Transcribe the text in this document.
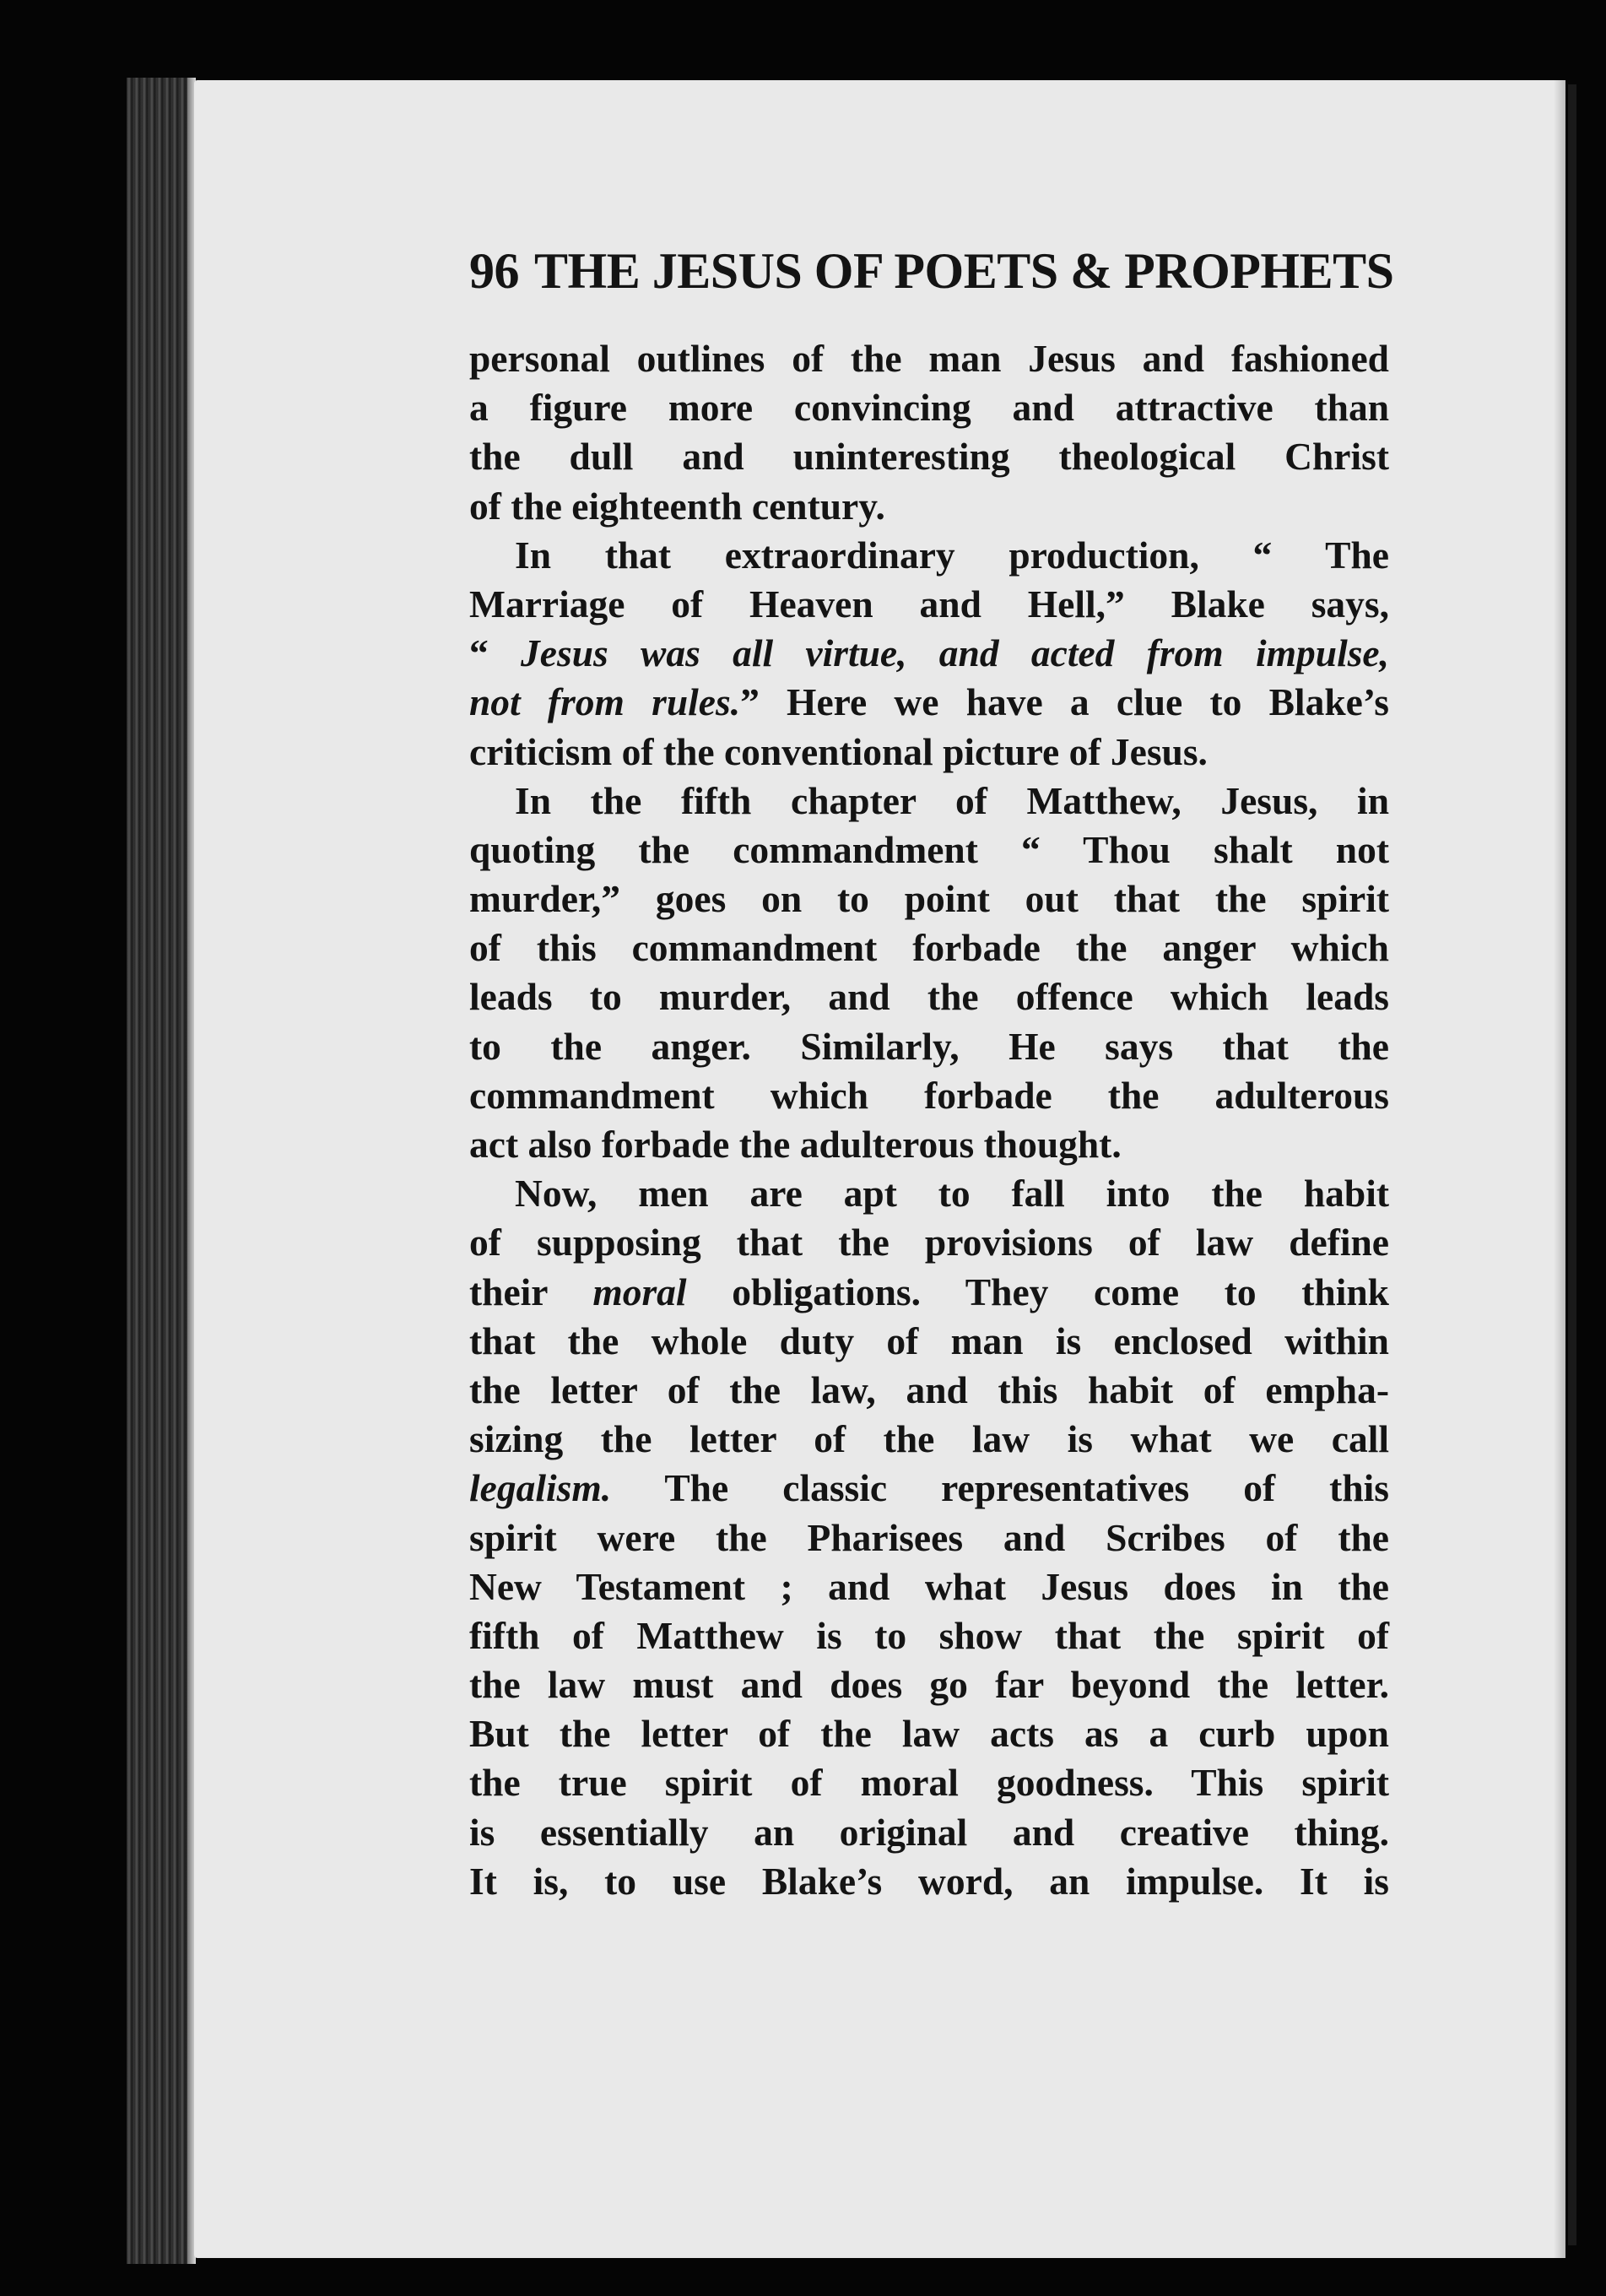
96 THE JESUS OF POETS & PROPHETS
personal outlines of the man Jesus and fashioned
a figure more convincing and attractive than
the dull and uninteresting theological Christ
of the eighteenth century.
In that extraordinary production, “ The
Marriage of Heaven and Hell,” Blake says,
“ Jesus was all virtue, and acted from impulse,
not from rules.” Here we have a clue to Blake’s
criticism of the conventional picture of Jesus.
In the fifth chapter of Matthew, Jesus, in
quoting the commandment “ Thou shalt not
murder,” goes on to point out that the spirit
of this commandment forbade the anger which
leads to murder, and the offence which leads
to the anger. Similarly, He says that the
commandment which forbade the adulterous
act also forbade the adulterous thought.
Now, men are apt to fall into the habit
of supposing that the provisions of law define
their moral obligations. They come to think
that the whole duty of man is enclosed within
the letter of the law, and this habit of empha-
sizing the letter of the law is what we call
legalism. The classic representatives of this
spirit were the Pharisees and Scribes of the
New Testament ; and what Jesus does in the
fifth of Matthew is to show that the spirit of
the law must and does go far beyond the letter.
But the letter of the law acts as a curb upon
the true spirit of moral goodness. This spirit
is essentially an original and creative thing.
It is, to use Blake’s word, an impulse. It is
